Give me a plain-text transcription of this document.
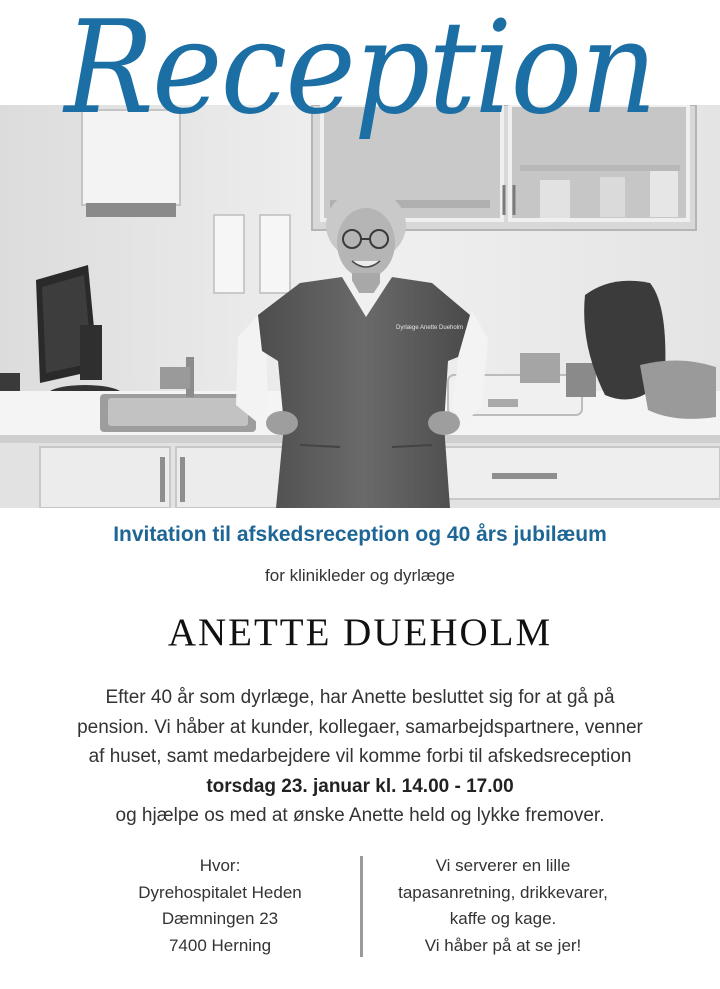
Dyrlæge Anette Dueholm
Reception
Invitation til afskedsreception og 40 års jubilæum
for klinikleder og dyrlæge
ANETTE DUEHOLM
Efter 40 år som dyrlæge, har Anette besluttet sig for at gå på
pension. Vi håber at kunder, kollegaer, samarbejdspartnere, venner
af huset, samt medarbejdere vil komme forbi til afskedsreception
torsdag 23. januar kl. 14.00 - 17.00
og hjælpe os med at ønske Anette held og lykke fremover.
Hvor:
Dyrehospitalet Heden
Dæmningen 23
7400 Herning
Vi serverer en lille
tapasanretning, drikkevarer,
kaffe og kage.
Vi håber på at se jer!
